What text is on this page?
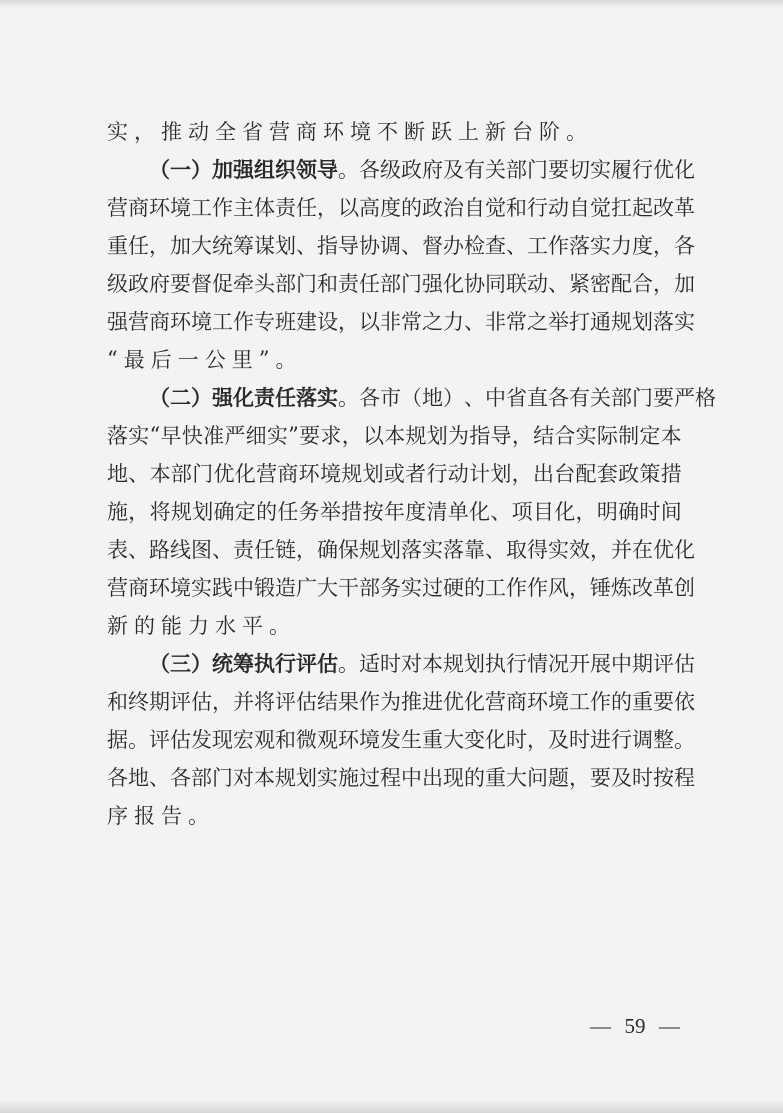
实 ， 推 动 全 省 营 商 环 境 不 断 跃 上 新 台 阶 。
（ 一 ） 加 强 组 织 领 导 。 各 级 政 府 及 有 关 部 门 要 切 实 履 行 优 化
营 商 环 境 工 作 主 体 责 任 ， 以 高 度 的 政 治 自 觉 和 行 动 自 觉 扛 起 改 革
重 任 ， 加 大 统 筹 谋 划 、 指 导 协 调 、 督 办 检 查 、 工 作 落 实 力 度 ， 各
级 政 府 要 督 促 牵 头 部 门 和 责 任 部 门 强 化 协 同 联 动 、 紧 密 配 合 ， 加
强 营 商 环 境 工 作 专 班 建 设 ， 以 非 常 之 力 、 非 常 之 举 打 通 规 划 落 实
“ 最 后 一 公 里 ” 。
（ 二 ） 强 化 责 任 落 实 。 各 市 （ 地 ） 、 中 省 直 各 有 关 部 门 要 严 格
落 实 “ 早 快 准 严 细 实 ” 要 求 ， 以 本 规 划 为 指 导 ， 结 合 实 际 制 定 本
地 、 本 部 门 优 化 营 商 环 境 规 划 或 者 行 动 计 划 ， 出 台 配 套 政 策 措
施 ， 将 规 划 确 定 的 任 务 举 措 按 年 度 清 单 化 、 项 目 化 ， 明 确 时 间
表 、 路 线 图 、 责 任 链 ， 确 保 规 划 落 实 落 靠 、 取 得 实 效 ， 并 在 优 化
营 商 环 境 实 践 中 锻 造 广 大 干 部 务 实 过 硬 的 工 作 作 风 ， 锤 炼 改 革 创
新 的 能 力 水 平 。
（ 三 ） 统 筹 执 行 评 估 。 适 时 对 本 规 划 执 行 情 况 开 展 中 期 评 估
和 终 期 评 估 ， 并 将 评 估 结 果 作 为 推 进 优 化 营 商 环 境 工 作 的 重 要 依
据 。 评 估 发 现 宏 观 和 微 观 环 境 发 生 重 大 变 化 时 ， 及 时 进 行 调 整 。
各 地 、 各 部 门 对 本 规 划 实 施 过 程 中 出 现 的 重 大 问 题 ， 要 及 时 按 程
序 报 告 。
— 59 —
